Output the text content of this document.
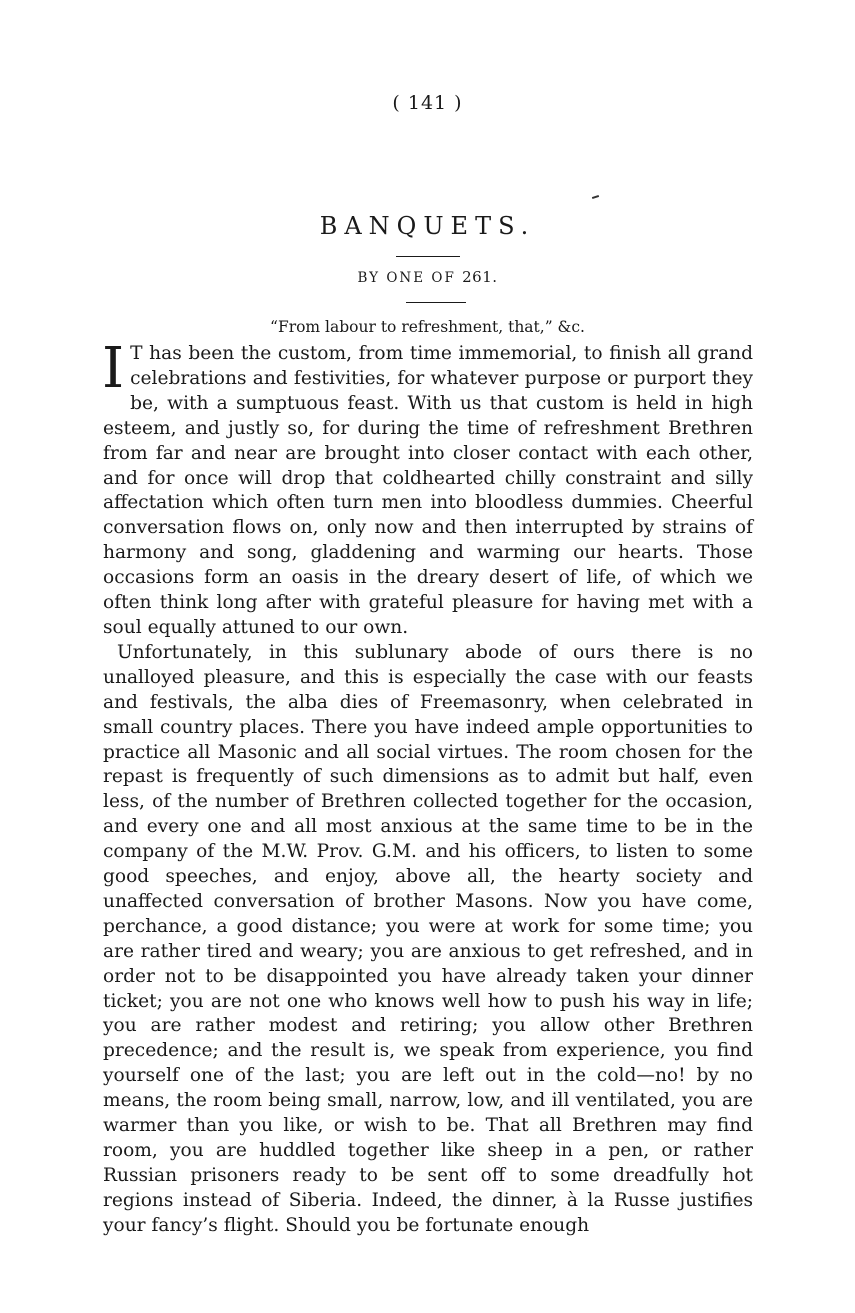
( 141 )
BANQUETS.
BY ONE OF 261.
“From labour to refreshment, that,” &c.

I T has been the custom, from time immemorial, to finish all grand celebrations and festivities, for whatever purpose or purport they be, with a sumptuous feast. With us that custom is held in high esteem, and justly so, for during the time of refreshment Brethren from far and near are brought into closer contact with each other, and for once will drop that coldhearted chilly constraint and silly affectation which often turn men into bloodless dummies. Cheerful conversation flows on, only now and then interrupted by strains of harmony and song, gladdening and warming our hearts. Those occasions form an oasis in the dreary desert of life, of which we often think long after with grateful pleasure for having met with a soul equally attuned to our own.

Unfortunately, in this sublunary abode of ours there is no unalloyed pleasure, and this is especially the case with our feasts and festivals, the alba dies of Freemasonry, when celebrated in small country places. There you have indeed ample opportunities to practice all Masonic and all social virtues. The room chosen for the repast is frequently of such dimensions as to admit but half, even less, of the number of Brethren collected together for the occasion, and every one and all most anxious at the same time to be in the company of the M.W. Prov. G.M. and his officers, to listen to some good speeches, and enjoy, above all, the hearty society and unaffected conversation of brother Masons. Now you have come, perchance, a good distance; you were at work for some time; you are rather tired and weary; you are anxious to get refreshed, and in order not to be disappointed you have already taken your dinner ticket; you are not one who knows well how to push his way in life; you are rather modest and retiring; you allow other Brethren precedence; and the result is, we speak from experience, you find yourself one of the last; you are left out in the cold—no! by no means, the room being small, narrow, low, and ill ventilated, you are warmer than you like, or wish to be. That all Brethren may find room, you are huddled together like sheep in a pen, or rather Russian prisoners ready to be sent off to some dreadfully hot regions instead of Siberia. Indeed, the dinner, à la Russe justifies your fancy’s flight. Should you be fortunate enough
